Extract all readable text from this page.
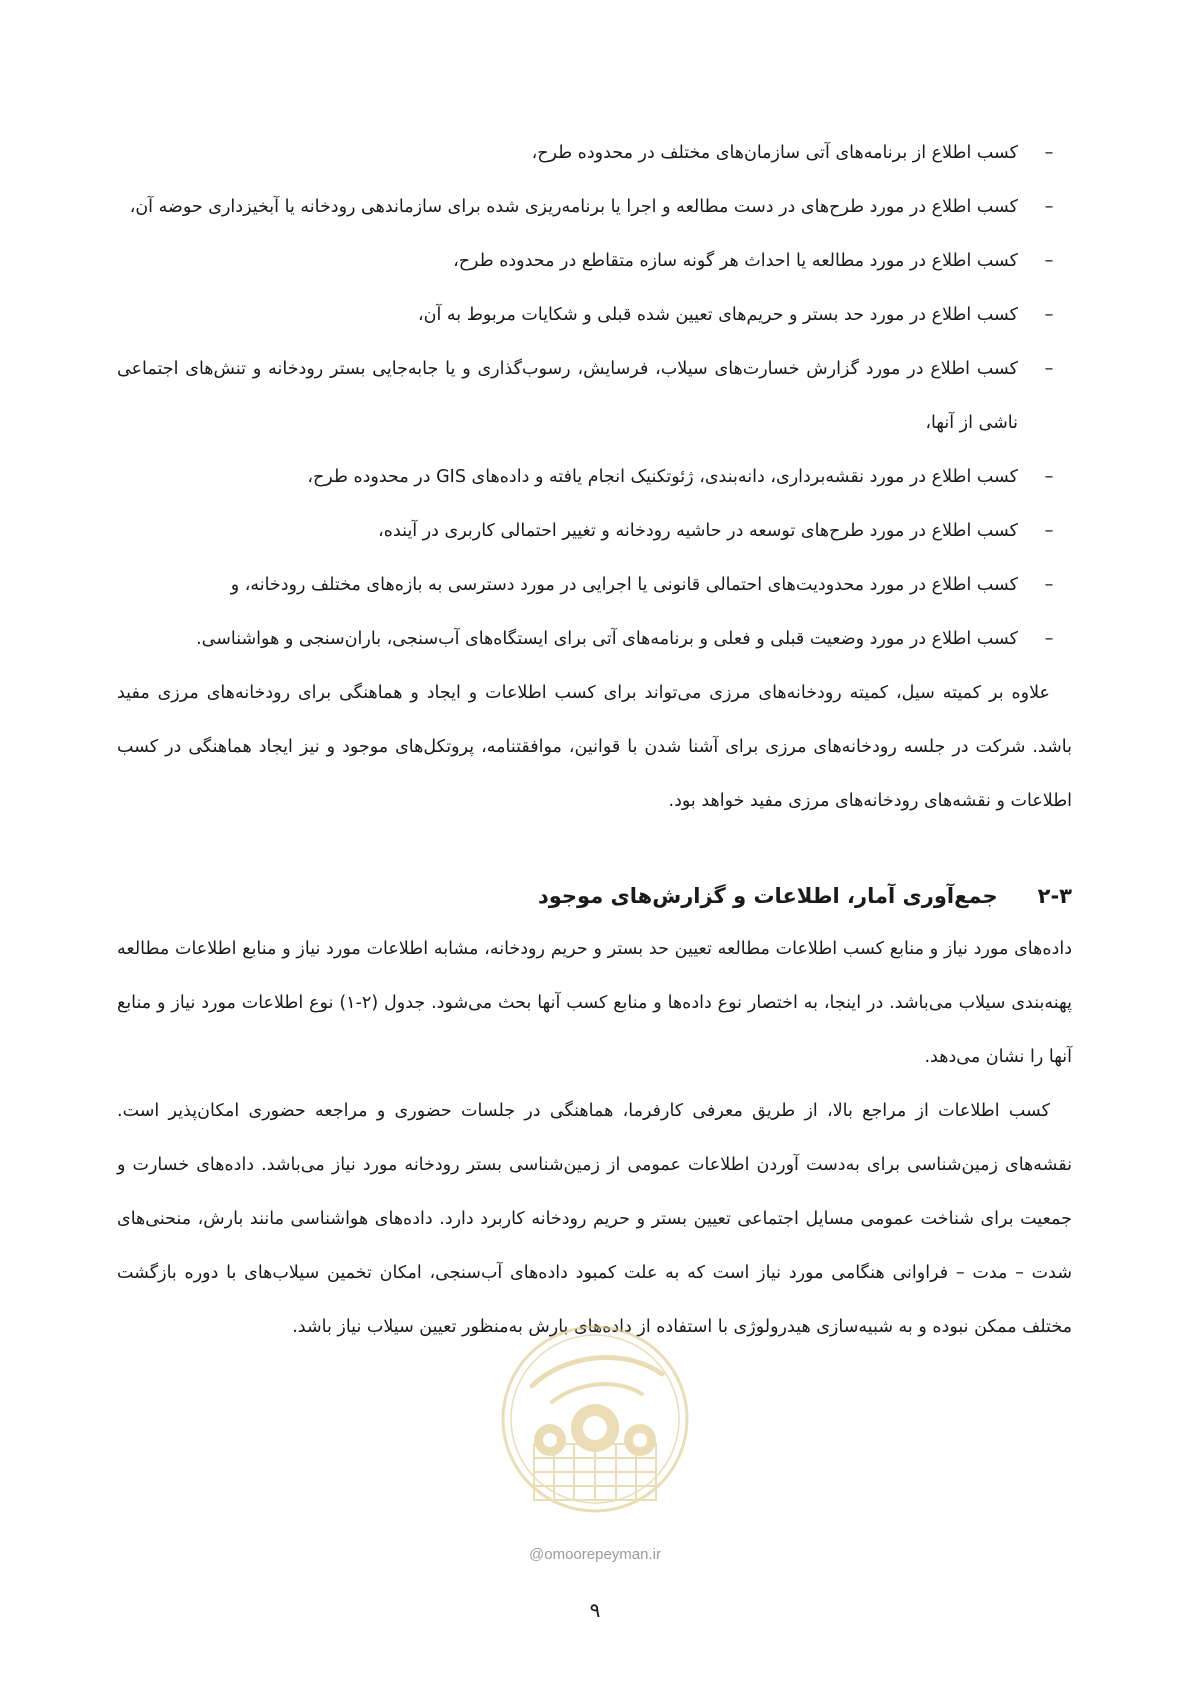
–
کسب اطلاع از برنامه‌های آتی سازمان‌های مختلف در محدوده طرح،
–
کسب اطلاع در مورد طرح‌های در دست مطالعه و اجرا یا برنامه‌ریزی شده برای سازماندهی رودخانه یا آبخیزداری حوضه آن،
–
کسب اطلاع در مورد مطالعه یا احداث هر گونه سازه متقاطع در محدوده طرح،
–
کسب اطلاع در مورد حد بستر و حریم‌های تعیین شده قبلی و شکایات مربوط به آن،
–
کسب اطلاع در مورد گزارش خسارت‌های سیلاب، فرسایش، رسوب‌گذاری و یا جابه‌جایی بستر رودخانه و تنش‌های اجتماعی ناشی از آنها،
–
کسب اطلاع در مورد نقشه‌برداری، دانه‌بندی، ژئوتکنیک انجام یافته و داده‌های GIS در محدوده طرح،
–
کسب اطلاع در مورد طرح‌های توسعه در حاشیه رودخانه و تغییر احتمالی کاربری در آینده،
–
کسب اطلاع در مورد محدودیت‌های احتمالی قانونی یا اجرایی در مورد دسترسی به بازه‌های مختلف رودخانه، و
–
کسب اطلاع در مورد وضعیت قبلی و فعلی و برنامه‌های آتی برای ایستگاه‌های آب‌سنجی، باران‌سنجی و هواشناسی.

علاوه بر کمیته سیل، کمیته رودخانه‌های مرزی می‌تواند برای کسب اطلاعات و ایجاد و هماهنگی برای رودخانه‌های مرزی مفید باشد. شرکت در جلسه رودخانه‌های مرزی برای آشنا شدن با قوانین، موافقتنامه، پروتکل‌های موجود و نیز ایجاد هماهنگی در کسب اطلاعات و نقشه‌های رودخانه‌های مرزی مفید خواهد بود.

۲-۳جمع‌آوری آمار، اطلاعات و گزارش‌های موجود

داده‌های مورد نیاز و منابع کسب اطلاعات مطالعه تعیین حد بستر و حریم رودخانه، مشابه اطلاعات مورد نیاز و منابع اطلاعات مطالعه پهنه‌بندی سیلاب می‌باشد. در اینجا، به اختصار نوع داده‌ها و منابع کسب آنها بحث می‌شود. جدول (۲-۱) نوع اطلاعات مورد نیاز و منابع آنها را نشان می‌دهد.

کسب اطلاعات از مراجع بالا، از طریق معرفی کارفرما، هماهنگی در جلسات حضوری و مراجعه حضوری امکان‌پذیر است. نقشه‌های زمین‌شناسی برای به‌دست آوردن اطلاعات عمومی از زمین‌شناسی بستر رودخانه مورد نیاز می‌باشد. داده‌های خسارت و جمعیت برای شناخت عمومی مسایل اجتماعی تعیین بستر و حریم رودخانه کاربرد دارد. داده‌های هواشناسی مانند بارش، منحنی‌های شدت – مدت – فراوانی هنگامی مورد نیاز است که به علت کمبود داده‌های آب‌سنجی، امکان تخمین سیلاب‌های با دوره بازگشت مختلف ممکن نبوده و به شبیه‌سازی هیدرولوژی با استفاده از داده‌های بارش به‌منظور تعیین سیلاب نیاز باشد.

@omoorepeyman.ir
۹
